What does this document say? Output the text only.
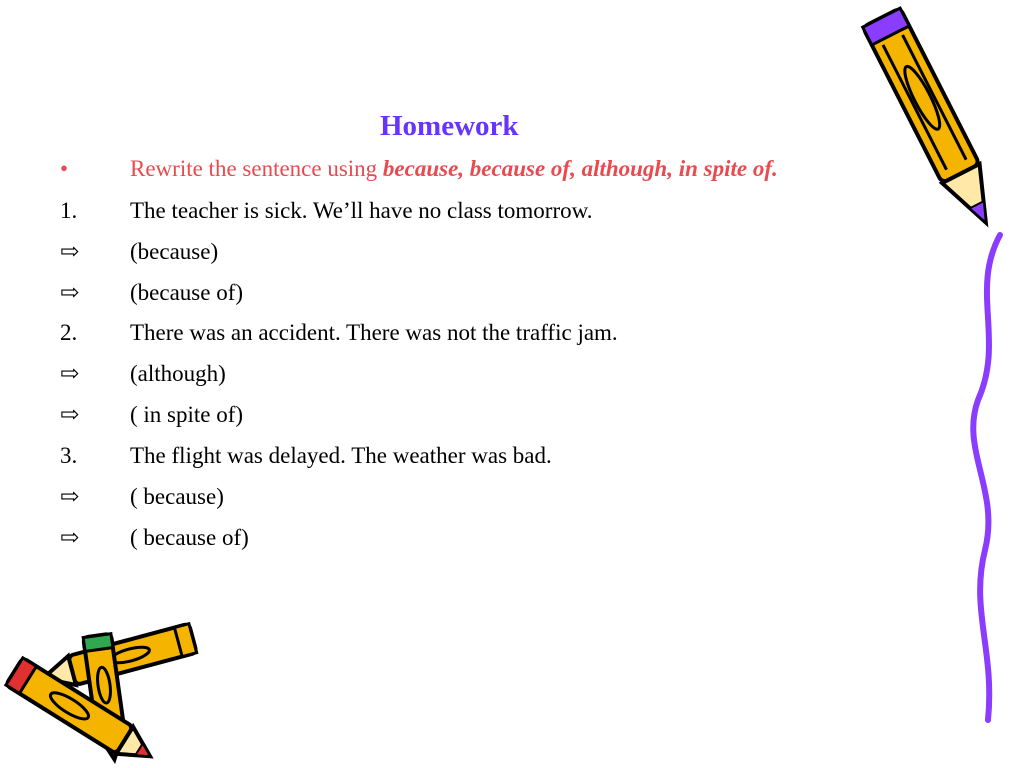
Homework
•	Rewrite the sentence using because, because of, although, in spite of.
1. The teacher is sick. We’ll have no class tomorrow.
⇨ (because)
⇨ (because of)
2. There was an accident. There was not the traffic jam.
⇨ (although)
⇨ ( in spite of)
3. The flight was delayed. The weather was bad.
⇨ ( because)
⇨ ( because of)
